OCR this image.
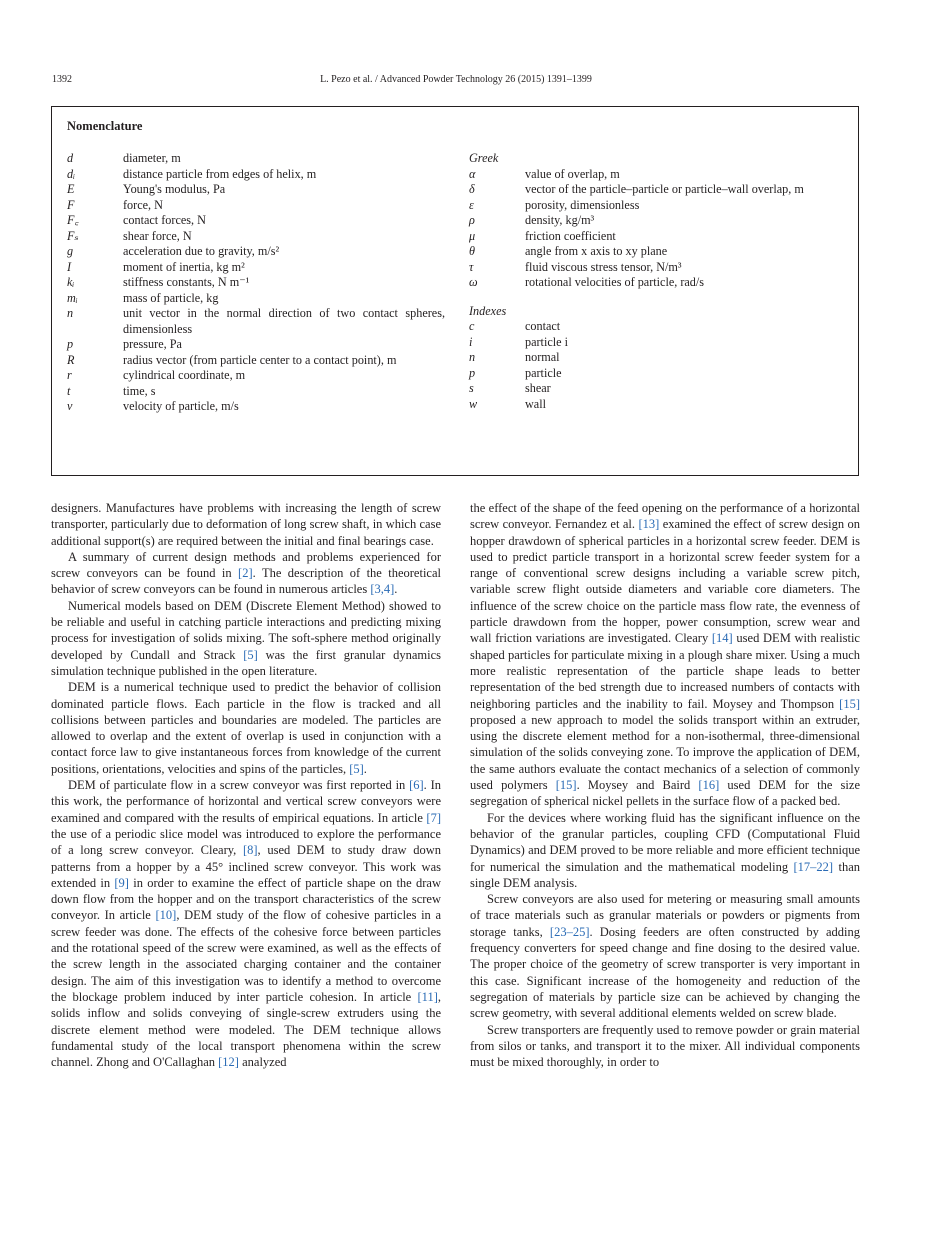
1392	L. Pezo et al. / Advanced Powder Technology 26 (2015) 1391–1399
Nomenclature
d	diameter, m
dᵢ	distance particle from edges of helix, m
E	Young's modulus, Pa
F	force, N
F꜀	contact forces, N
Fₛ	shear force, N
g	acceleration due to gravity, m/s²
I	moment of inertia, kg m²
kᵢ	stiffness constants, N m⁻¹
mᵢ	mass of particle, kg
n	unit vector in the normal direction of two contact spheres, dimensionless
p	pressure, Pa
R	radius vector (from particle center to a contact point), m
r	cylindrical coordinate, m
t	time, s
v	velocity of particle, m/s
Greek
α	value of overlap, m
δ	vector of the particle–particle or particle–wall overlap, m
ε	porosity, dimensionless
ρ	density, kg/m³
μ	friction coefficient
θ	angle from x axis to xy plane
τ	fluid viscous stress tensor, N/m³
ω	rotational velocities of particle, rad/s
Indexes
c	contact
i	particle i
n	normal
p	particle
s	shear
w	wall

designers. Manufactures have problems with increasing the length of screw transporter, particularly due to deformation of long screw shaft, in which case additional support(s) are required between the initial and final bearings case.

A summary of current design methods and problems experienced for screw conveyors can be found in [2]. The description of the theoretical behavior of screw conveyors can be found in numerous articles [3,4].

Numerical models based on DEM (Discrete Element Method) showed to be reliable and useful in catching particle interactions and predicting mixing process for investigation of solids mixing. The soft-sphere method originally developed by Cundall and Strack [5] was the first granular dynamics simulation technique published in the open literature.

DEM is a numerical technique used to predict the behavior of collision dominated particle flows. Each particle in the flow is tracked and all collisions between particles and boundaries are modeled. The particles are allowed to overlap and the extent of overlap is used in conjunction with a contact force law to give instantaneous forces from knowledge of the current positions, orientations, velocities and spins of the particles, [5].

DEM of particulate flow in a screw conveyor was first reported in [6]. In this work, the performance of horizontal and vertical screw conveyors were examined and compared with the results of empirical equations. In article [7] the use of a periodic slice model was introduced to explore the performance of a long screw conveyor. Cleary, [8], used DEM to study draw down patterns from a hopper by a 45° inclined screw conveyor. This work was extended in [9] in order to examine the effect of particle shape on the draw down flow from the hopper and on the transport characteristics of the screw conveyor. In article [10], DEM study of the flow of cohesive particles in a screw feeder was done. The effects of the cohesive force between particles and the rotational speed of the screw were examined, as well as the effects of the screw length in the associated charging container and the container design. The aim of this investigation was to identify a method to overcome the blockage problem induced by inter particle cohesion. In article [11], solids inflow and solids conveying of single-screw extruders using the discrete element method were modeled. The DEM technique allows fundamental study of the local transport phenomena within the screw channel. Zhong and O'Callaghan [12] analyzed

the effect of the shape of the feed opening on the performance of a horizontal screw conveyor. Fernandez et al. [13] examined the effect of screw design on hopper drawdown of spherical particles in a horizontal screw feeder. DEM is used to predict particle transport in a horizontal screw feeder system for a range of conventional screw designs including a variable screw pitch, variable screw flight outside diameters and variable core diameters. The influence of the screw choice on the particle mass flow rate, the evenness of particle drawdown from the hopper, power consumption, screw wear and wall friction variations are investigated. Cleary [14] used DEM with realistic shaped particles for particulate mixing in a plough share mixer. Using a much more realistic representation of the particle shape leads to better representation of the bed strength due to increased numbers of contacts with neighboring particles and the inability to fail. Moysey and Thompson [15] proposed a new approach to model the solids transport within an extruder, using the discrete element method for a non-isothermal, three-dimensional simulation of the solids conveying zone. To improve the application of DEM, the same authors evaluate the contact mechanics of a selection of commonly used polymers [15]. Moysey and Baird [16] used DEM for the size segregation of spherical nickel pellets in the surface flow of a packed bed.

For the devices where working fluid has the significant influence on the behavior of the granular particles, coupling CFD (Computational Fluid Dynamics) and DEM proved to be more reliable and more efficient technique for numerical the simulation and the mathematical modeling [17–22] than single DEM analysis.

Screw conveyors are also used for metering or measuring small amounts of trace materials such as granular materials or powders or pigments from storage tanks, [23–25]. Dosing feeders are often constructed by adding frequency converters for speed change and fine dosing to the desired value. The proper choice of the geometry of screw transporter is very important in this case. Significant increase of the homogeneity and reduction of the segregation of materials by particle size can be achieved by changing the screw geometry, with several additional elements welded on screw blade.

Screw transporters are frequently used to remove powder or grain material from silos or tanks, and transport it to the mixer. All individual components must be mixed thoroughly, in order to
